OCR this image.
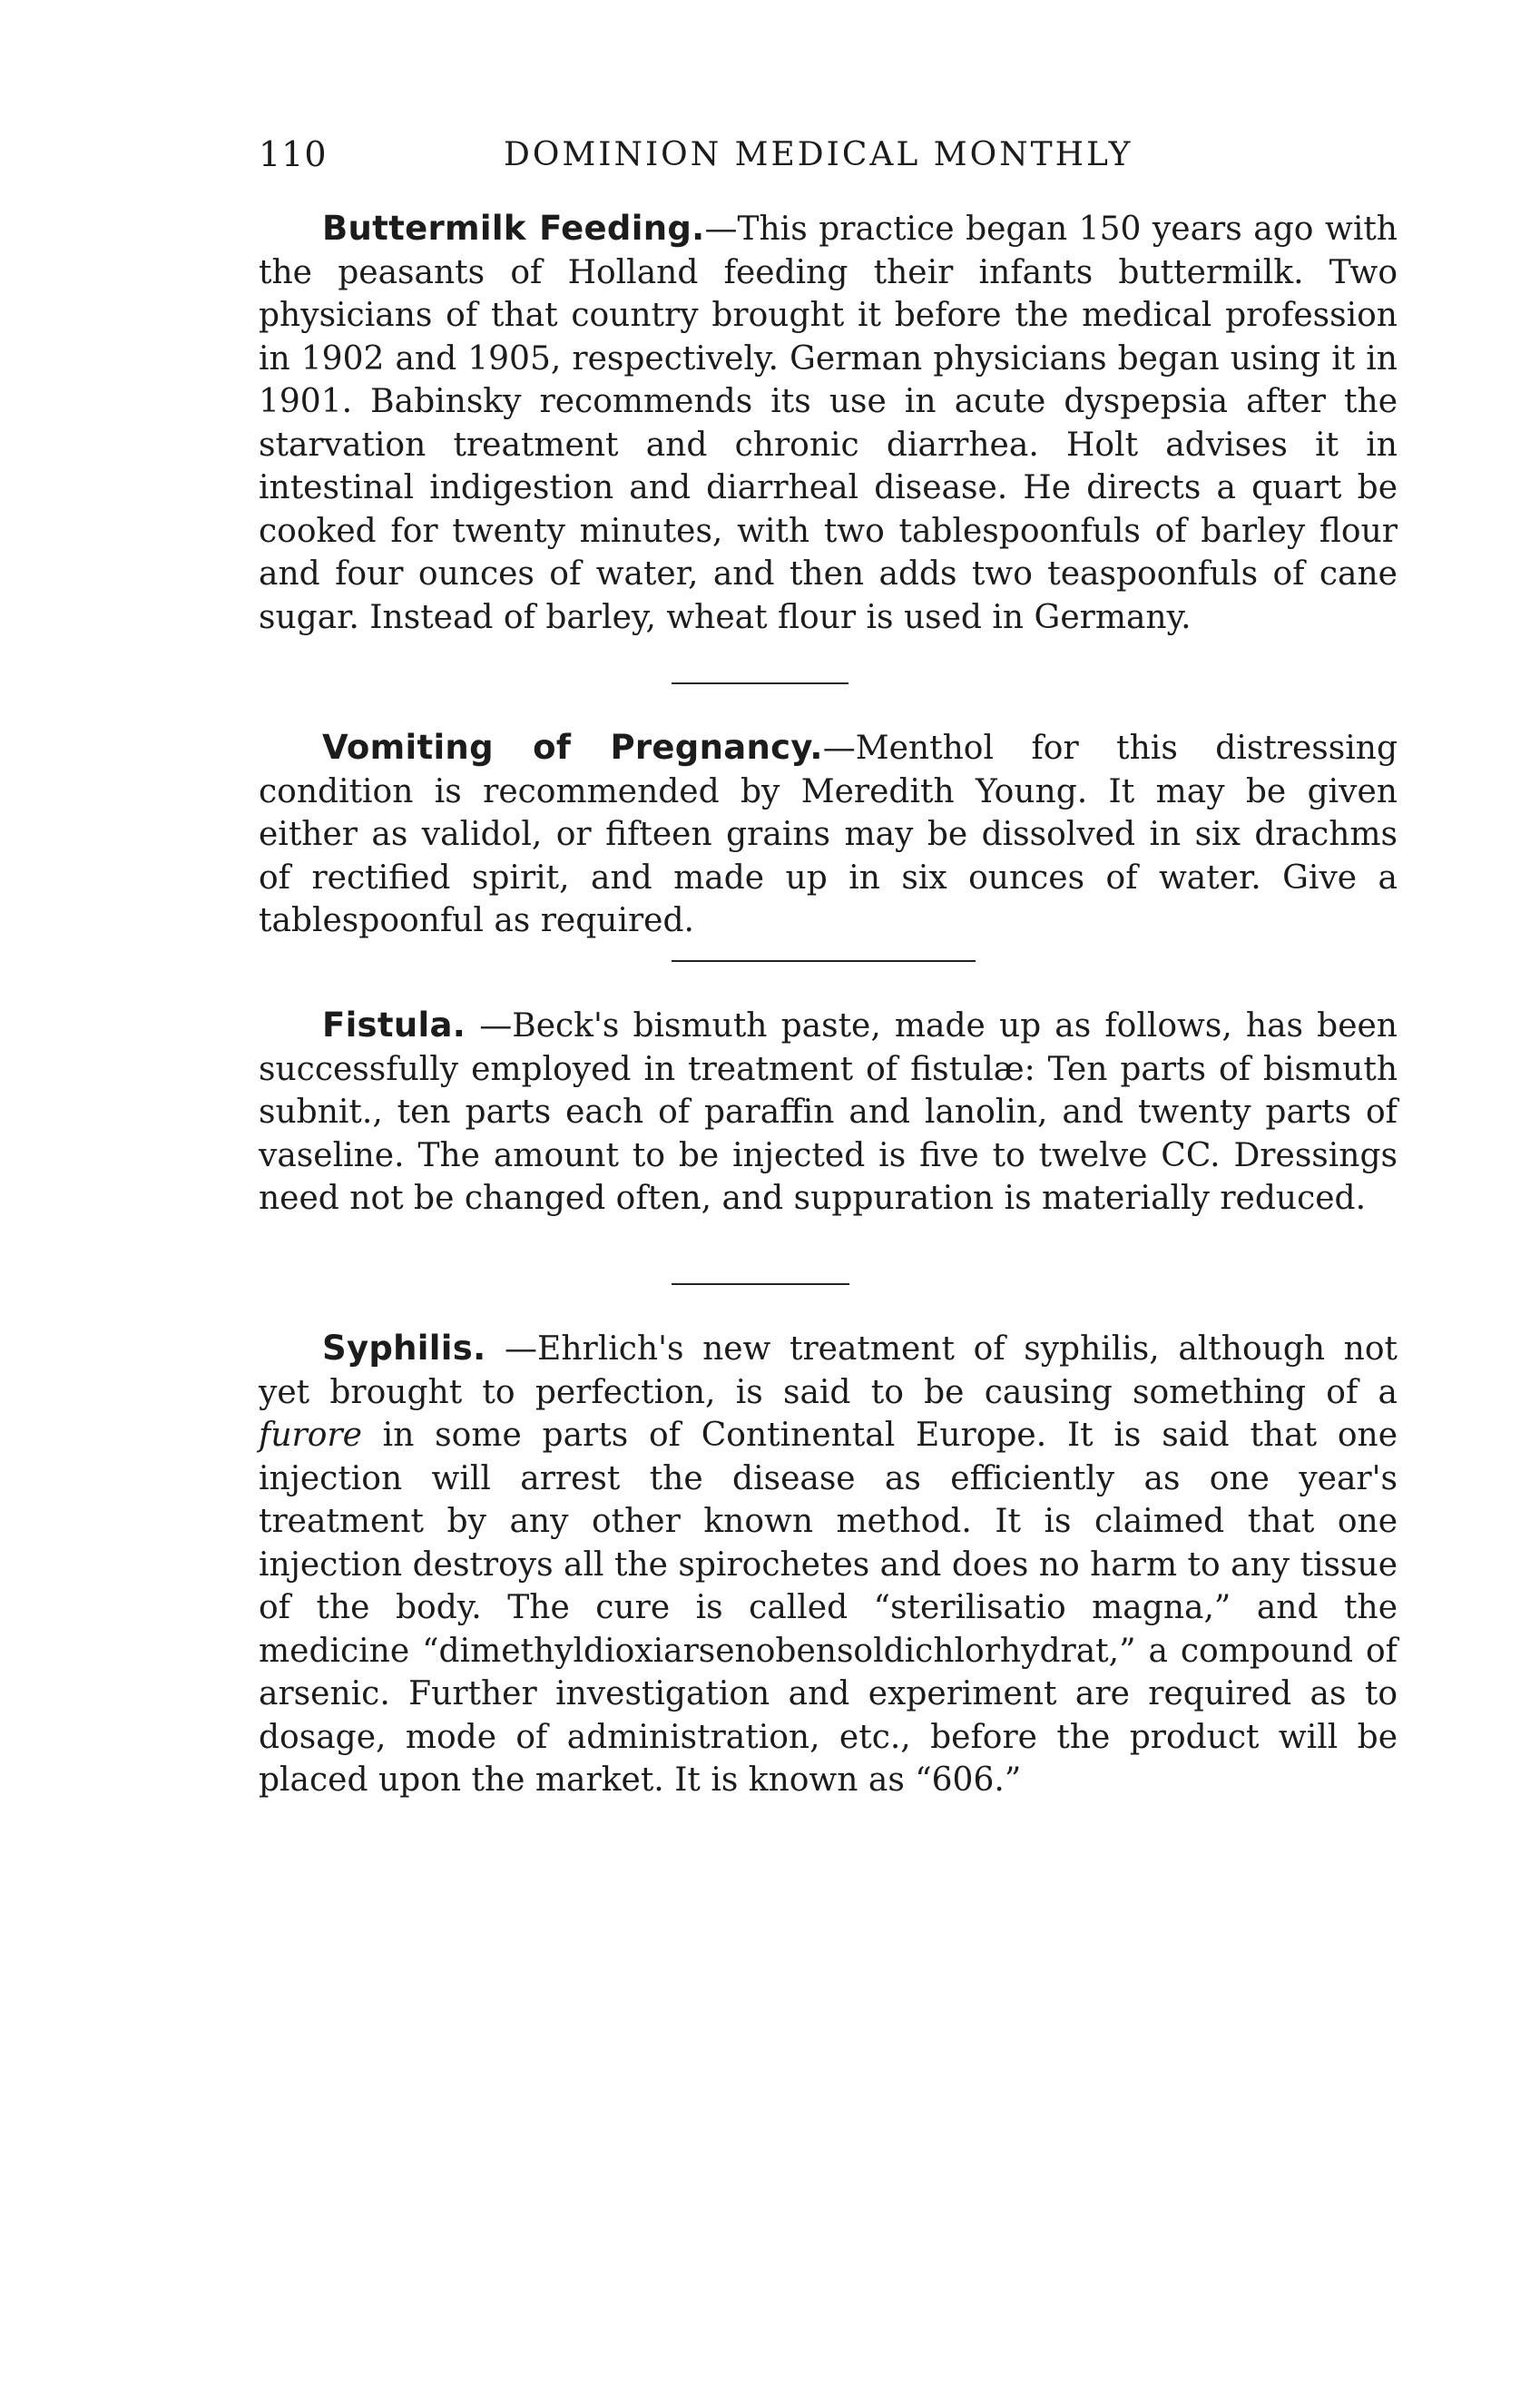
110	DOMINION MEDICAL MONTHLY

Buttermilk Feeding.—This practice began 150 years ago with the peasants of Holland feeding their infants buttermilk. Two physicians of that country brought it before the medical profession in 1902 and 1905, respectively. German physicians began using it in 1901. Babinsky recommends its use in acute dyspepsia after the starvation treatment and chronic diarrhea. Holt advises it in intestinal indigestion and diarrheal disease. He directs a quart be cooked for twenty minutes, with two tablespoonfuls of barley flour and four ounces of water, and then adds two teaspoonfuls of cane sugar. Instead of barley, wheat flour is used in Germany.

Vomiting of Pregnancy.—Menthol for this distressing condition is recommended by Meredith Young. It may be given either as validol, or fifteen grains may be dissolved in six drachms of rectified spirit, and made up in six ounces of water. Give a tablespoonful as required.

Fistula. —Beck's bismuth paste, made up as follows, has been successfully employed in treatment of fistulæ: Ten parts of bismuth subnit., ten parts each of paraffin and lanolin, and twenty parts of vaseline. The amount to be injected is five to twelve CC. Dressings need not be changed often, and suppuration is materially reduced.

Syphilis. —Ehrlich's new treatment of syphilis, although not yet brought to perfection, is said to be causing something of a furore in some parts of Continental Europe. It is said that one injection will arrest the disease as efficiently as one year's treatment by any other known method. It is claimed that one injection destroys all the spirochetes and does no harm to any tissue of the body. The cure is called “sterilisatio magna,” and the medicine “dimethyldioxiarsenobensoldichlorhydrat,” a compound of arsenic. Further investigation and experiment are required as to dosage, mode of administration, etc., before the product will be placed upon the market. It is known as “606.”
